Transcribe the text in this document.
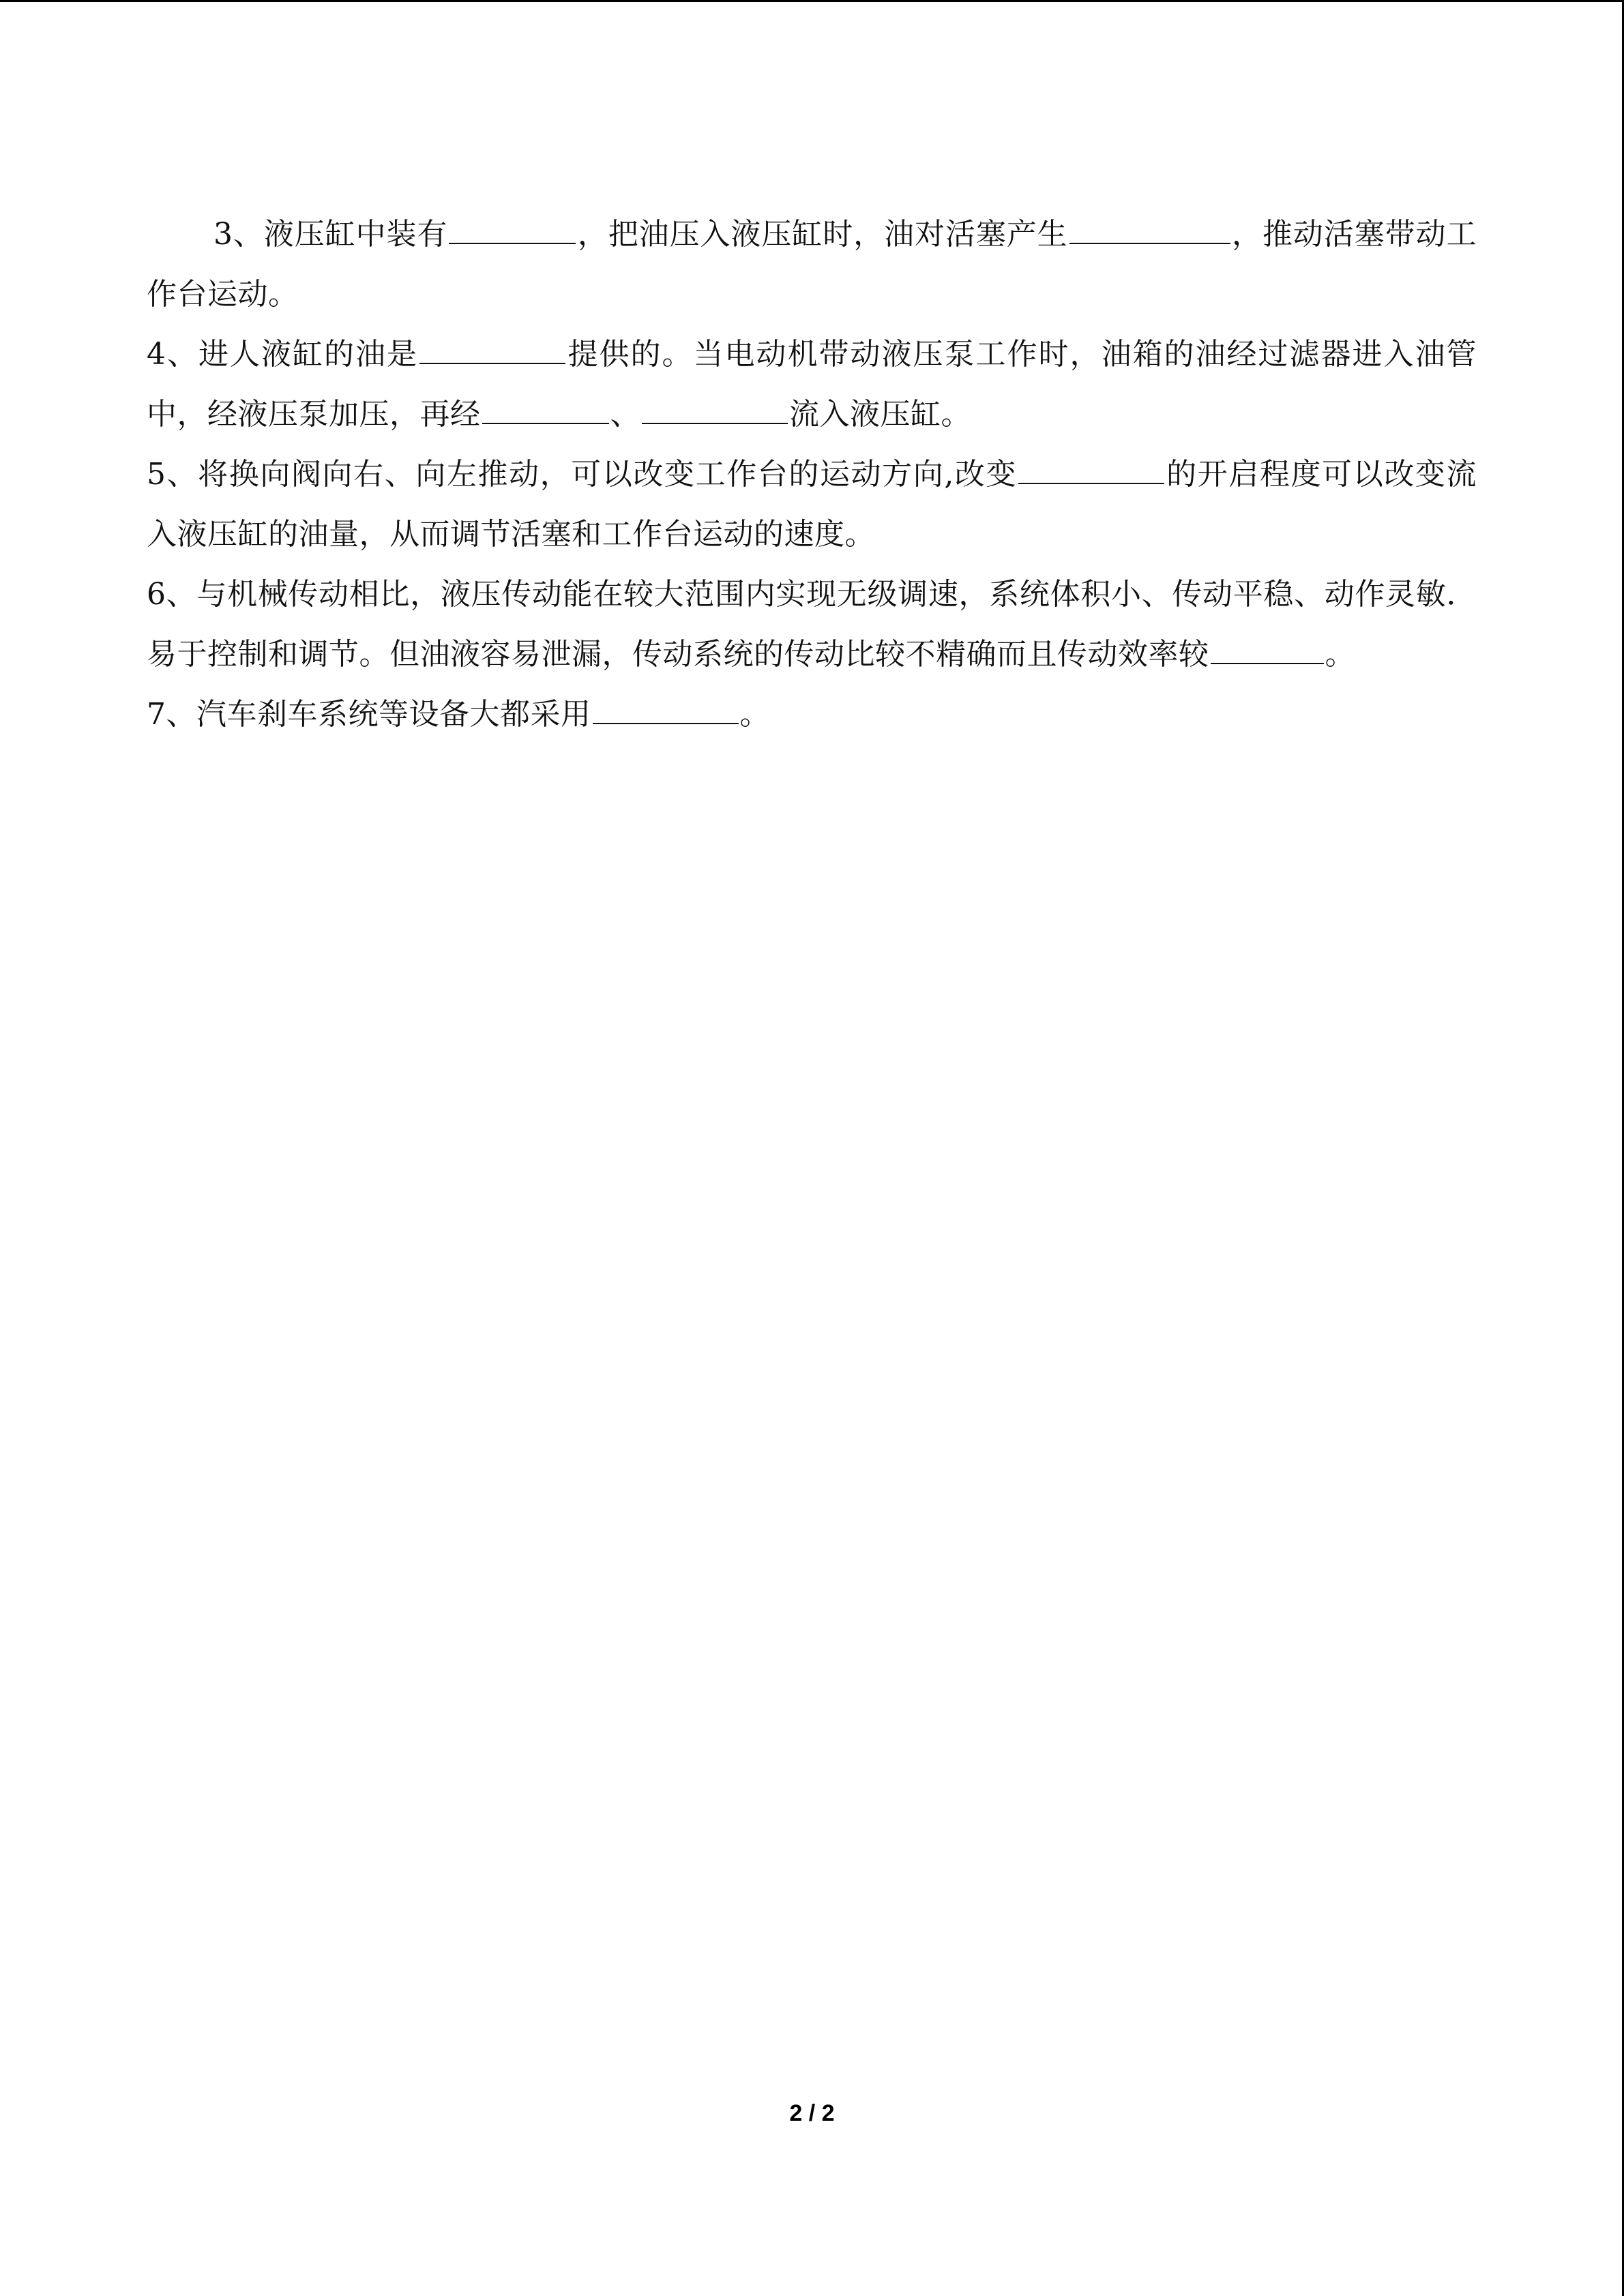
3、液压缸中装有	，把油压入液压缸时，油对活塞产生	，推动活塞带动工作台运动。

4、进人液缸的油是	提供的。当电动机带动液压泵工作时，油箱的油经过滤器进入油管中，经液压泵加压，再经	、	流入液压缸。

5、将换向阀向右、向左推动，可以改变工作台的运动方向,改变	的开启程度可以改变流入液压缸的油量，从而调节活塞和工作台运动的速度。

6、与机械传动相比，液压传动能在较大范围内实现无级调速，系统体积小、传动平稳、动作灵敏．易于控制和调节。但油液容易泄漏，传动系统的传动比较不精确而且传动效率较	。

7、汽车刹车系统等设备大都采用	。

2 / 2
